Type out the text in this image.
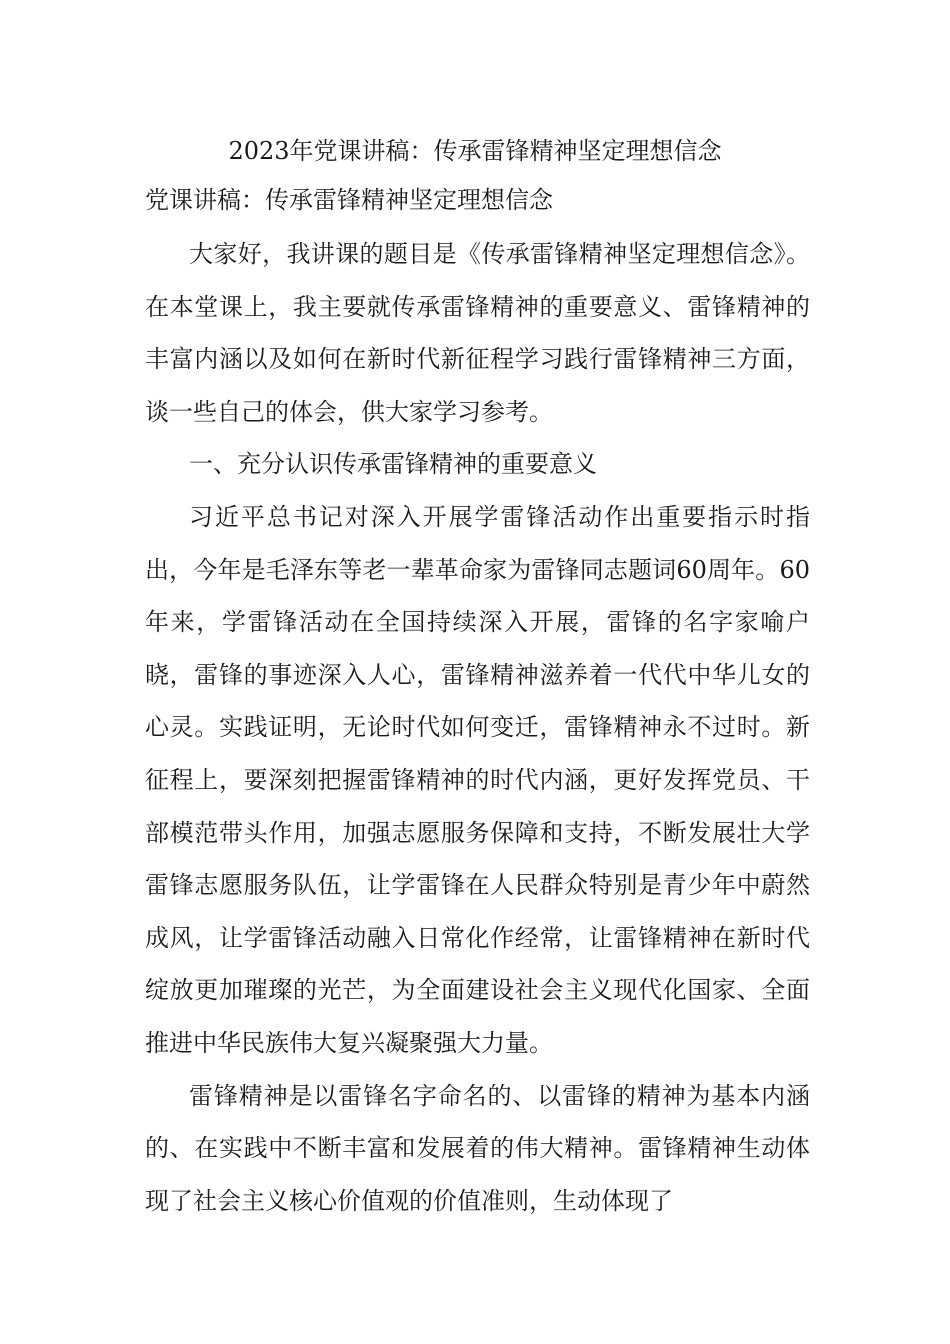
2023年党课讲稿：传承雷锋精神坚定理想信念

党课讲稿：传承雷锋精神坚定理想信念

大家好，我讲课的题目是《传承雷锋精神坚定理想信念》。在本堂课上，我主要就传承雷锋精神的重要意义、雷锋精神的丰富内涵以及如何在新时代新征程学习践行雷锋精神三方面，谈一些自己的体会，供大家学习参考。

一、充分认识传承雷锋精神的重要意义

习近平总书记对深入开展学雷锋活动作出重要指示时指出，今年是毛泽东等老一辈革命家为雷锋同志题词60周年。60年来，学雷锋活动在全国持续深入开展，雷锋的名字家喻户晓，雷锋的事迹深入人心，雷锋精神滋养着一代代中华儿女的心灵。实践证明，无论时代如何变迁，雷锋精神永不过时。新征程上，要深刻把握雷锋精神的时代内涵，更好发挥党员、干部模范带头作用，加强志愿服务保障和支持，不断发展壮大学雷锋志愿服务队伍，让学雷锋在人民群众特别是青少年中蔚然成风，让学雷锋活动融入日常化作经常，让雷锋精神在新时代绽放更加璀璨的光芒，为全面建设社会主义现代化国家、全面推进中华民族伟大复兴凝聚强大力量。

雷锋精神是以雷锋名字命名的、以雷锋的精神为基本内涵的、在实践中不断丰富和发展着的伟大精神。雷锋精神生动体现了社会主义核心价值观的价值准则，生动体现了
